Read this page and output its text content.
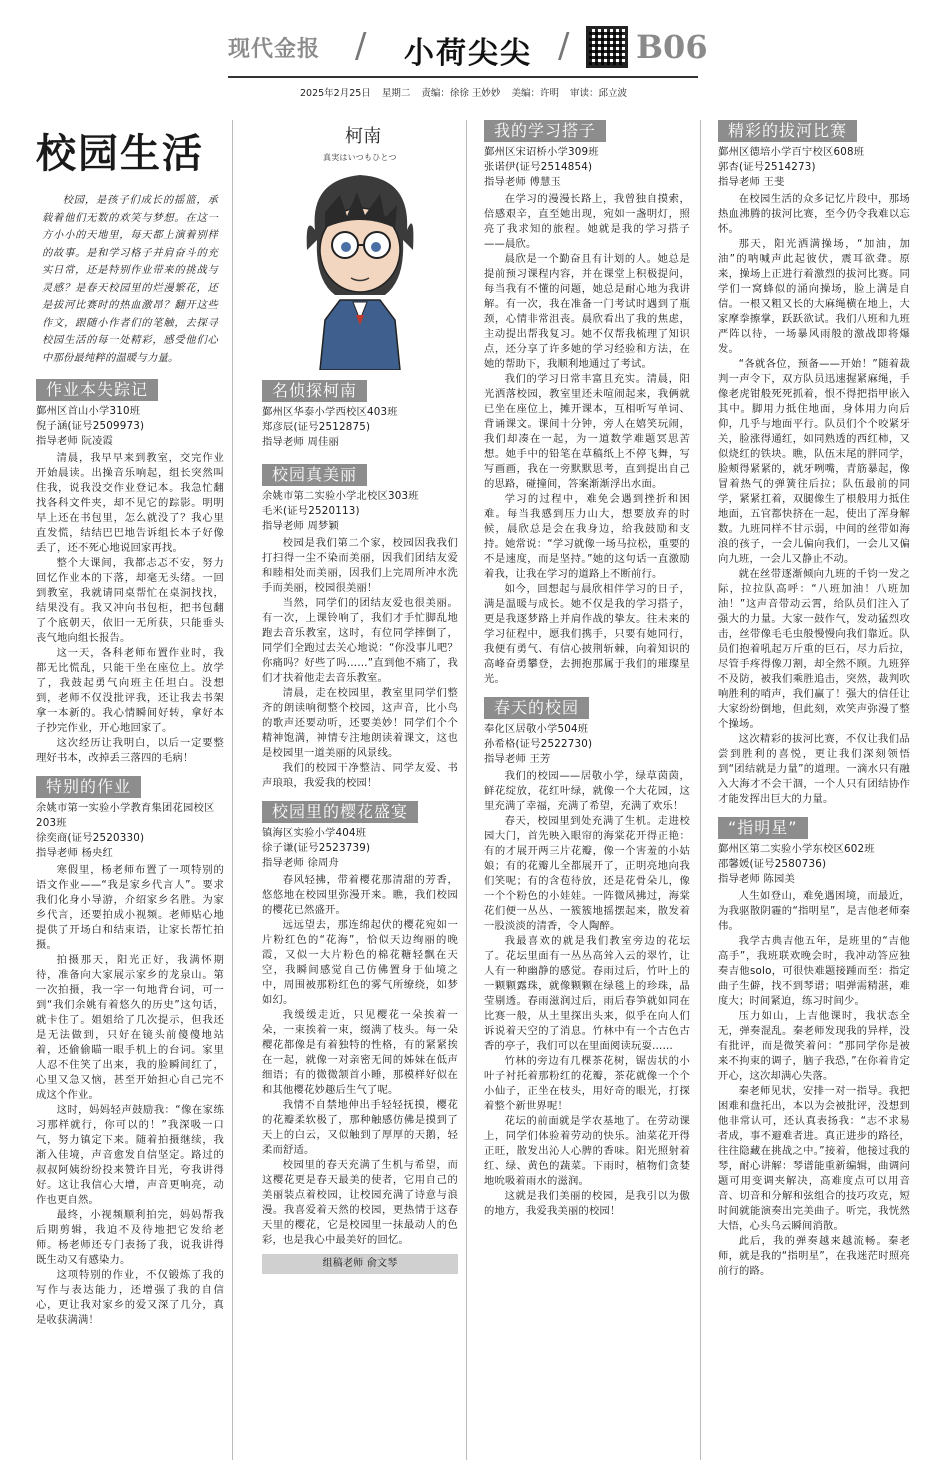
现代金报 / 小荷尖尖 / B06
2025年2月25日 星期二 责编：徐徐 王妙妙 美编：许明 审读：邱立波
校园生活

校园，是孩子们成长的摇篮，承载着他们无数的欢笑与梦想。在这一方小小的天地里，每天都上演着别样的故事。是和学习格子并肩奋斗的充实日常，还是特别作业带来的挑战与灵感？是春天校园里的烂漫繁花，还是拔河比赛时的热血激昂？翻开这些作文，跟随小作者们的笔触，去探寻校园生活的每一处精彩，感受他们心中那份最纯粹的温暖与力量。

作业本失踪记
鄞州区首山小学310班
倪子涵(证号2509973)
指导老师 阮凌霞

清晨，我早早来到教室，交完作业开始晨读。出操音乐响起，组长突然叫住我，说我没交作业登记本。我急忙翻找各科文件夹，却不见它的踪影。明明早上还在书包里，怎么就没了？我心里直发慌，结结巴巴地告诉组长本子好像丢了，还不死心地说回家再找。

整个大课间，我都忐忑不安，努力回忆作业本的下落，却毫无头绪。一回到教室，我就请同桌帮忙在桌洞找找，结果没有。我又冲向书包柜，把书包翻了个底朝天，依旧一无所获，只能垂头丧气地向组长报告。

这一天，各科老师布置作业时，我都无比慌乱，只能干坐在座位上。放学了，我鼓起勇气向班主任坦白。没想到，老师不仅没批评我，还让我去书架拿一本新的。我心情瞬间好转，拿好本子抄完作业，开心地回家了。

这次经历让我明白，以后一定要整理好书本，改掉丢三落四的毛病！

特别的作业
余姚市第一实验小学教育集团花园校区203班
徐奕商(证号2520330)
指导老师 杨央红

寒假里，杨老师布置了一项特别的语文作业——“我是家乡代言人”。要求我们化身小导游，介绍家乡名胜。为家乡代言，还要拍成小视频。老师贴心地提供了开场白和结束语，让家长帮忙拍摄。

拍摄那天，阳光正好，我满怀期待，准备向大家展示家乡的龙泉山。第一次拍摄，我一字一句地背台词，可一到“我们余姚有着悠久的历史”这句话，就卡住了。姐姐给了几次提示，但我还是无法做到，只好在镜头前傻傻地站着，还偷偷瞄一眼手机上的台词。家里人忍不住笑了出来，我的脸瞬间红了，心里又急又恼，甚至开始担心自己完不成这个作业。

这时，妈妈轻声鼓励我：“像在家练习那样就行，你可以的！”我深吸一口气，努力镇定下来。随着拍摄继续，我渐入佳境，声音愈发自信坚定。路过的叔叔阿姨纷纷投来赞许目光，夸我讲得好。这让我信心大增，声音更响亮，动作也更自然。

最终，小视频顺利拍完，妈妈帮我后期剪辑，我迫不及待地把它发给老师。杨老师还专门表扬了我，说我讲得既生动又有感染力。

这项特别的作业，不仅锻炼了我的写作与表达能力，还增强了我的自信心，更让我对家乡的爱又深了几分，真是收获满满！

柯南
真実はいつもひとつ
名侦探柯南
鄞州区华泰小学西校区403班
郑彦辰(证号2512875)
指导老师 周佳丽
校园真美丽
余姚市第二实验小学北校区303班
毛米(证号2520113)
指导老师 周梦颖

校园是我们第二个家，校园因我我们打扫得一尘不染而美丽，因我们团结友爱和睦相处而美丽，因我们上完周所冲水洗手而美丽，校园很美丽！

当然，同学们的团结友爱也很美丽。有一次，上课铃响了，我们才手忙脚乱地跑去音乐教室，这时，有位同学摔倒了，同学们全跑过去关心地说：“你没事儿吧？你痛吗？好些了吗……”直到他不痛了，我们才扶着他走去音乐教室。

清晨，走在校园里，教室里同学们整齐的朗读响彻整个校园，这声音，比小鸟的歌声还要动听，还要美妙！同学们个个精神饱满，神情专注地朗读着课文，这也是校园里一道美丽的风景线。

我们的校园干净整洁、同学友爱、书声琅琅，我爱我的校园！

校园里的樱花盛宴
镇海区实验小学404班
徐子谦(证号2523739)
指导老师 徐周舟

春风轻拂，带着樱花那清甜的芳香，悠悠地在校园里弥漫开来。瞧，我们校园的樱花已然盛开。

远远望去，那连绵起伏的樱花宛如一片粉红色的“花海”，恰似天边绚丽的晚霞，又似一大片粉色的棉花糖轻飘在天空，我瞬间感觉自己仿佛置身于仙境之中，周围被那粉红色的雾气所缭绕，如梦如幻。

我缓缓走近，只见樱花一朵挨着一朵，一束挨着一束，缀满了枝头。每一朵樱花都像是有着独特的性格，有的紧紧挨在一起，就像一对亲密无间的姊妹在低声细语；有的微微颔首小睡，那模样好似在和其他樱花妙趣后生气了呢。

我情不自禁地伸出手轻轻抚摸，樱花的花瓣柔软极了，那种触感仿佛是摸到了天上的白云，又似触到了厚厚的天鹅，轻柔而舒适。

校园里的春天充满了生机与希望，而这樱花更是春天最美的使者，它用自己的美丽装点着校园，让校园充满了诗意与浪漫。我喜爱着天然的校园，更热情于这春天里的樱花，它是校园里一抹最动人的色彩，也是我心中最美好的回忆。

组稿老师 俞文琴
我的学习搭子
鄞州区宋诏桥小学309班
张诺伊(证号2514854)
指导老师 傅慧玉

在学习的漫漫长路上，我曾独自摸索，倍感艰辛，直至她出现，宛如一盏明灯，照亮了我求知的旅程。她就是我的学习搭子——晨欣。

晨欣是一个勤奋且有计划的人。她总是提前预习课程内容，并在课堂上积极提问，每当我有不懂的问题，她总是耐心地为我讲解。有一次，我在准备一门考试时遇到了瓶颈，心情非常沮丧。晨欣看出了我的焦虑，主动提出帮我复习。她不仅帮我梳理了知识点，还分享了许多她的学习经验和方法，在她的帮助下，我顺利地通过了考试。

我们的学习日常丰富且充实。清晨，阳光洒落校园，教室里还未喧闹起来，我俩就已坐在座位上，摊开课本，互相听写单词、背诵课文。课间十分钟，旁人在嬉笑玩闹，我们却凑在一起，为一道数学难题冥思苦想。她手中的铅笔在草稿纸上不停飞舞，写写画画，我在一旁默默思考，直到提出自己的思路，碰撞间，答案渐渐浮出水面。

学习的过程中，难免会遇到挫折和困难。每当我感到压力山大，想要放弃的时候，晨欣总是会在我身边，给我鼓励和支持。她常说：“学习就像一场马拉松，重要的不是速度，而是坚持。”她的这句话一直激励着我，让我在学习的道路上不断前行。

如今，回想起与晨欣相伴学习的日子，满是温暖与成长。她不仅是我的学习搭子，更是我逐梦路上并肩作战的挚友。往未来的学习征程中，愿我们携手，只要有她同行，我便有勇气、有信心披荆斩棘，向着知识的高峰奋勇攀登，去拥抱那属于我们的璀璨星光。

春天的校园
奉化区居敬小学504班
孙希格(证号2522730)
指导老师 王芳

我们的校园——居敬小学，绿草茵茵，鲜花绽放，花红叶绿，就像一个大花园，这里充满了幸福，充满了希望，充满了欢乐！

春天，校园里到处充满了生机。走进校园大门，首先映入眼帘的海棠花开得正艳：有的才展开两三片花瓣，像一个害羞的小姑娘；有的花瓣儿全都展开了，正明亮地向我们笑呢；有的含苞待放，还是花骨朵儿，像一个个粉色的小娃娃。一阵微风拂过，海棠花们便一丛丛、一簇簇地摇摆起来，散发着一股淡淡的清香，令人陶醉。

我最喜欢的就是我们教室旁边的花坛了。花坛里面有一丛丛高耸入云的翠竹，让人有一种幽静的感觉。春雨过后，竹叶上的一颗颗露珠，就像颗颗在绿毯上的珍珠，晶莹剔透。春雨滋润过后，雨后春笋就如同在比赛一般，从土里探出头来，似乎在向人们诉说着天空的了消息。竹林中有一个古色古香的亭子，我们可以在里面阅读玩耍……

竹林的旁边有几棵茶花树，锯齿状的小叶子衬托着那粉红的花瓣，茶花就像一个个小仙子，正坐在枝头，用好奇的眼光，打探着整个新世界呢！

花坛的前面就是学农基地了。在劳动课上，同学们体验着劳动的快乐。油菜花开得正旺，散发出沁人心脾的香味。阳光照射着红、绿、黄色的蔬菜。下雨时，植物们贪婪地吮吸着雨水的滋润。

这就是我们美丽的校园，是我引以为傲的地方，我爱我美丽的校园！

精彩的拔河比赛
鄞州区德培小学百宁校区608班
郭杏(证号2514273)
指导老师 王斐

在校园生活的众多记忆片段中，那场热血沸腾的拔河比赛，至今仍令我难以忘怀。

那天，阳光洒满操场，“加油，加油”的呐喊声此起彼伏，震耳欲聋。原来，操场上正进行着激烈的拔河比赛。同学们一窝蜂似的涌向操场，脸上满是自信。一根又粗又长的大麻绳横在地上，大家摩拳擦掌，跃跃欲试。我们八班和九班严阵以待，一场暴风雨般的激战即将爆发。

“各就各位，预备——开始！”随着裁判一声令下，双方队员迅速握紧麻绳，手像老虎钳般死死抓着，恨不得把指甲嵌入其中。脚用力抵住地面，身体用力向后仰，几乎与地面平行。队员们个个咬紧牙关，脸涨得通红，如同熟透的西红柿，又似烧红的铁块。瞧，队伍末尾的胖同学，脸颊得紧紧的，就牙咧嘴，青筋暴起，像冒着热气的弹簧往后拉；队伍最前的同学，紧紧扛着，双腿像生了根般用力抵住地面，五官都快挤在一起，使出了浑身解数。九班同样不甘示弱，中间的丝带如海浪的孩子，一会儿偏向我们，一会儿又偏向九班，一会儿又静止不动。

就在丝带逐渐倾向九班的千钧一发之际，拉拉队高呼：“八班加油！八班加油！”这声音带动云霄，给队员们注入了强大的力量。大家一鼓作气，发动猛烈攻击，丝带像毛毛虫般慢慢向我们靠近。队员们抱着吼起万斤重的巨石，尽力后拉，尽管手疼得像刀割，却全然不顾。九班猝不及防，被我们乘胜追击，突然，裁判吹响胜利的哨声，我们赢了！强大的信任让大家纷纷倒地，但此刻，欢笑声弥漫了整个操场。

这次精彩的拔河比赛，不仅让我们品尝到胜利的喜悦，更让我们深刻领悟到“团结就是力量”的道理。一滴水只有融入大海才不会干涸，一个人只有团结协作才能发挥出巨大的力量。

“指明星”
鄞州区第二实验小学东校区602班
邵馨媛(证号2580736)
指导老师 陈园美

人生如登山，难免遇困境，而最近，为我驱散阴霾的“指明星”，是吉他老师秦伟。

我学古典吉他五年，是班里的“吉他高手”，我班联欢晚会时，我冲动答应独奏吉他solo，可很快难题接踵而至：指定曲子生僻，找不到琴谱；唱弹需精湛，难度大；时间紧迫，练习时间少。

压力如山，上吉他课时，我状态全无，弹奏混乱。秦老师发现我的异样，没有批评，而是微笑着问：“那同学你是被来不拘束的调子，脑子我恐，”在你着肯定开心，这次却满心失落。

秦老师见状，安排一对一指导。我把困难和盘托出，本以为会被批评，没想到他非常认可，还认真表扬我：“志不求易者成，事不避难者进。真正进步的路径，往往隐藏在挑战之中。”接着，他接过我的琴，耐心讲解：琴谱能重新编辑，曲调问题可用变调夹解决，高难度点可以用音音、切音和分解和弦组合的技巧攻克，短时间就能演奏出完美曲子。听完，我恍然大悟，心头乌云瞬间消散。

此后，我的弹奏越来越流畅。秦老师，就是我的“指明星”，在我迷茫时照亮前行的路。
